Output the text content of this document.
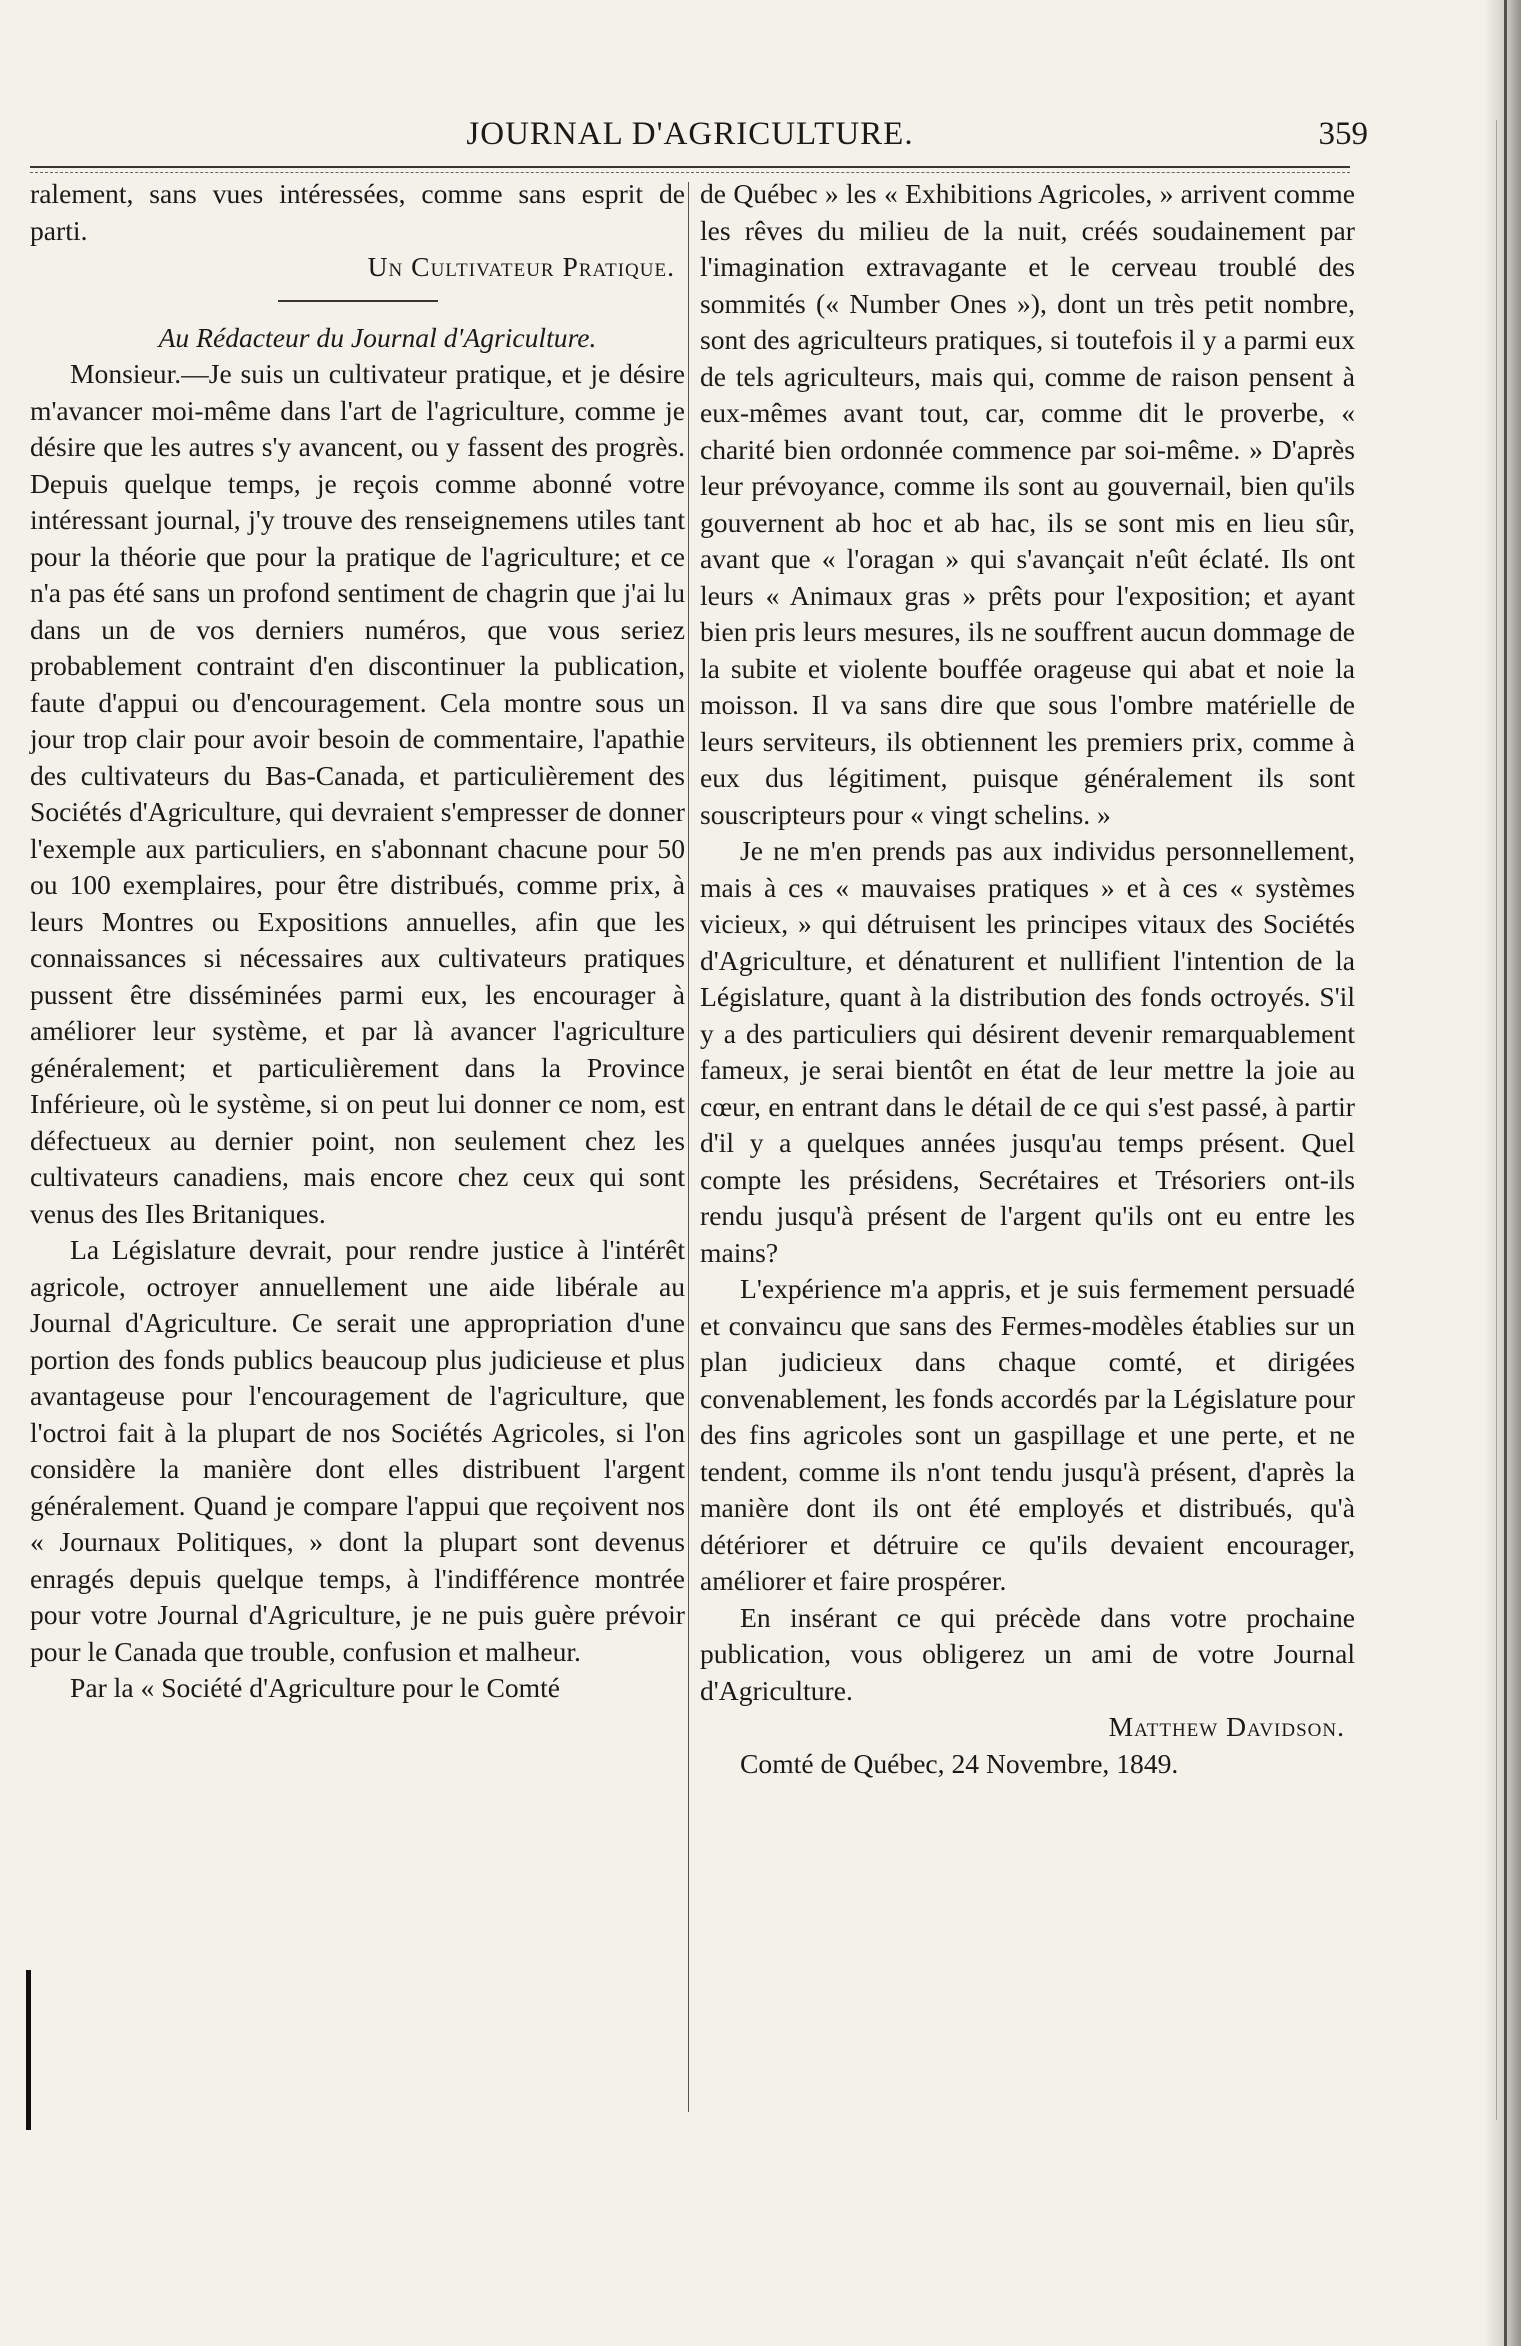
JOURNAL D'AGRICULTURE.	359

ralement, sans vues intéressées, comme sans esprit de parti.

Un Cultivateur Pratique.

Au Rédacteur du Journal d'Agriculture.

Monsieur.—Je suis un cultivateur pratique, et je désire m'avancer moi-même dans l'art de l'agriculture, comme je désire que les autres s'y avancent, ou y fassent des progrès. Depuis quelque temps, je reçois comme abonné votre intéressant journal, j'y trouve des renseignemens utiles tant pour la théorie que pour la pratique de l'agriculture; et ce n'a pas été sans un profond sentiment de chagrin que j'ai lu dans un de vos derniers numéros, que vous seriez probablement contraint d'en discontinuer la publication, faute d'appui ou d'encouragement. Cela montre sous un jour trop clair pour avoir besoin de commentaire, l'apathie des cultivateurs du Bas-Canada, et particulièrement des Sociétés d'Agriculture, qui devraient s'empresser de donner l'exemple aux particuliers, en s'abonnant chacune pour 50 ou 100 exemplaires, pour être distribués, comme prix, à leurs Montres ou Expositions annuelles, afin que les connaissances si nécessaires aux cultivateurs pratiques pussent être disséminées parmi eux, les encourager à améliorer leur système, et par là avancer l'agriculture généralement; et particulièrement dans la Province Inférieure, où le système, si on peut lui donner ce nom, est défectueux au dernier point, non seulement chez les cultivateurs canadiens, mais encore chez ceux qui sont venus des Iles Britaniques.

La Législature devrait, pour rendre justice à l'intérêt agricole, octroyer annuellement une aide libérale au Journal d'Agriculture. Ce serait une appropriation d'une portion des fonds publics beaucoup plus judicieuse et plus avantageuse pour l'encouragement de l'agriculture, que l'octroi fait à la plupart de nos Sociétés Agricoles, si l'on considère la manière dont elles distribuent l'argent généralement. Quand je compare l'appui que reçoivent nos « Journaux Politiques, » dont la plupart sont devenus enragés depuis quelque temps, à l'indifférence montrée pour votre Journal d'Agriculture, je ne puis guère prévoir pour le Canada que trouble, confusion et malheur.

Par la « Société d'Agriculture pour le Comté

de Québec » les « Exhibitions Agricoles, » arrivent comme les rêves du milieu de la nuit, créés soudainement par l'imagination extravagante et le cerveau troublé des sommités (« Number Ones »), dont un très petit nombre, sont des agriculteurs pratiques, si toutefois il y a parmi eux de tels agriculteurs, mais qui, comme de raison pensent à eux-mêmes avant tout, car, comme dit le proverbe, « charité bien ordonnée commence par soi-même. » D'après leur prévoyance, comme ils sont au gouvernail, bien qu'ils gouvernent ab hoc et ab hac, ils se sont mis en lieu sûr, avant que « l'oragan » qui s'avançait n'eût éclaté. Ils ont leurs « Animaux gras » prêts pour l'exposition; et ayant bien pris leurs mesures, ils ne souffrent aucun dommage de la subite et violente bouffée orageuse qui abat et noie la moisson. Il va sans dire que sous l'ombre matérielle de leurs serviteurs, ils obtiennent les premiers prix, comme à eux dus légitiment, puisque généralement ils sont souscripteurs pour « vingt schelins. »

Je ne m'en prends pas aux individus personnellement, mais à ces « mauvaises pratiques » et à ces « systèmes vicieux, » qui détruisent les principes vitaux des Sociétés d'Agriculture, et dénaturent et nullifient l'intention de la Législature, quant à la distribution des fonds octroyés. S'il y a des particuliers qui désirent devenir remarquablement fameux, je serai bientôt en état de leur mettre la joie au cœur, en entrant dans le détail de ce qui s'est passé, à partir d'il y a quelques années jusqu'au temps présent. Quel compte les présidens, Secrétaires et Trésoriers ont-ils rendu jusqu'à présent de l'argent qu'ils ont eu entre les mains?

L'expérience m'a appris, et je suis fermement persuadé et convaincu que sans des Fermes-modèles établies sur un plan judicieux dans chaque comté, et dirigées convenablement, les fonds accordés par la Législature pour des fins agricoles sont un gaspillage et une perte, et ne tendent, comme ils n'ont tendu jusqu'à présent, d'après la manière dont ils ont été employés et distribués, qu'à détériorer et détruire ce qu'ils devaient encourager, améliorer et faire prospérer.

En insérant ce qui précède dans votre prochaine publication, vous obligerez un ami de votre Journal d'Agriculture.

Matthew Davidson.

Comté de Québec, 24 Novembre, 1849.
